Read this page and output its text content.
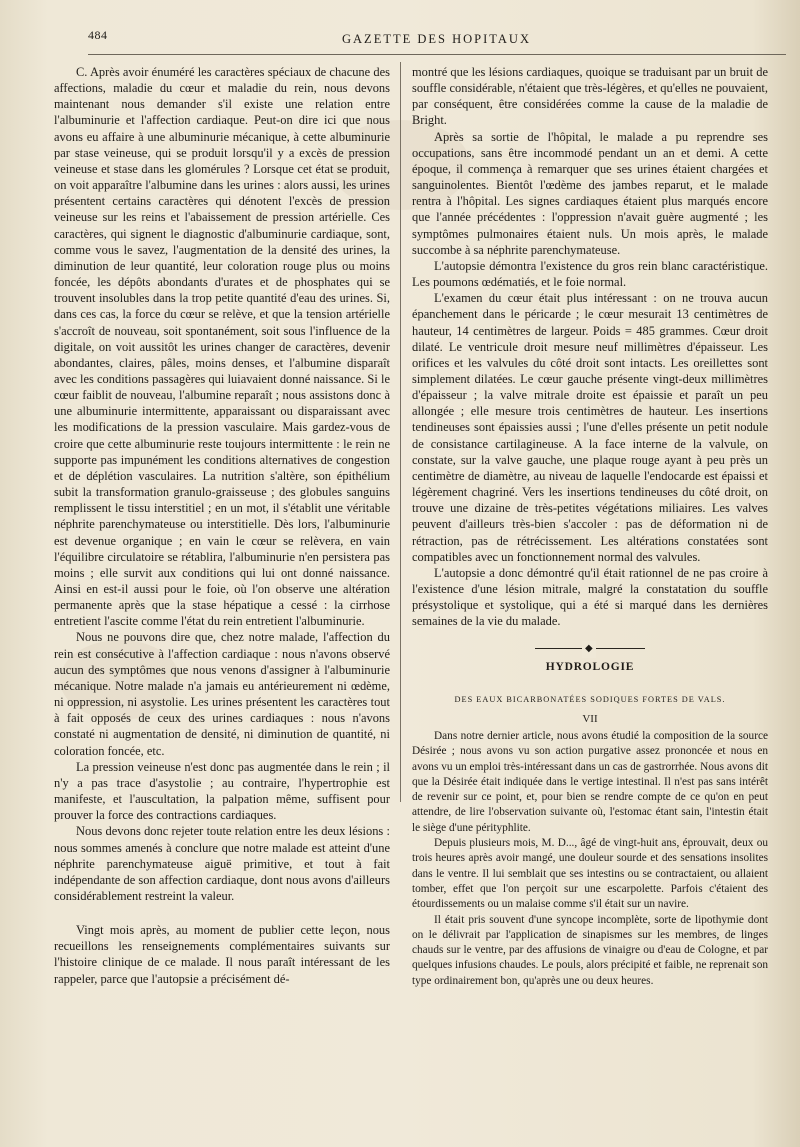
484	GAZETTE DES HOPITAUX

C. Après avoir énuméré les caractères spéciaux de chacune des affections, maladie du cœur et maladie du rein, nous devons maintenant nous demander s'il existe une relation entre l'albuminurie et l'affection cardiaque. Peut-on dire ici que nous avons eu affaire à une albuminurie mécanique, à cette albuminurie par stase veineuse, qui se produit lorsqu'il y a excès de pression veineuse et stase dans les glomérules ? Lorsque cet état se produit, on voit apparaître l'albumine dans les urines : alors aussi, les urines présentent certains caractères qui dénotent l'excès de pression veineuse sur les reins et l'abaissement de pression artérielle. Ces caractères, qui signent le diagnostic d'albuminurie cardiaque, sont, comme vous le savez, l'augmentation de la densité des urines, la diminution de leur quantité, leur coloration rouge plus ou moins foncée, les dépôts abondants d'urates et de phosphates qui se trouvent insolubles dans la trop petite quantité d'eau des urines. Si, dans ces cas, la force du cœur se relève, et que la tension artérielle s'accroît de nouveau, soit spontanément, soit sous l'influence de la digitale, on voit aussitôt les urines changer de caractères, devenir abondantes, claires, pâles, moins denses, et l'albumine disparaît avec les conditions passagères qui luiavaient donné naissance. Si le cœur faiblit de nouveau, l'albumine reparaît ; nous assistons donc à une albuminurie intermittente, apparaissant ou disparaissant avec les modifications de la pression vasculaire. Mais gardez-vous de croire que cette albuminurie reste toujours intermittente : le rein ne supporte pas impunément les conditions alternatives de congestion et de déplétion vasculaires. La nutrition s'altère, son épithélium subit la transformation granulo-graisseuse ; des globules sanguins remplissent le tissu interstitiel ; en un mot, il s'établit une véritable néphrite parenchymateuse ou interstitielle. Dès lors, l'albuminurie est devenue organique ; en vain le cœur se relèvera, en vain l'équilibre circulatoire se rétablira, l'albuminurie n'en persistera pas moins ; elle survit aux conditions qui lui ont donné naissance. Ainsi en est-il aussi pour le foie, où l'on observe une altération permanente après que la stase hépatique a cessé : la cirrhose entretient l'ascite comme l'état du rein entretient l'albuminurie.

Nous ne pouvons dire que, chez notre malade, l'affection du rein est consécutive à l'affection cardiaque : nous n'avons observé aucun des symptômes que nous venons d'assigner à l'albuminurie mécanique. Notre malade n'a jamais eu antérieurement ni œdème, ni oppression, ni asystolie. Les urines présentent les caractères tout à fait opposés de ceux des urines cardiaques : nous n'avons constaté ni augmentation de densité, ni diminution de quantité, ni coloration foncée, etc.

La pression veineuse n'est donc pas augmentée dans le rein ; il n'y a pas trace d'asystolie ; au contraire, l'hypertrophie est manifeste, et l'auscultation, la palpation même, suffisent pour prouver la force des contractions cardiaques.

Nous devons donc rejeter toute relation entre les deux lésions : nous sommes amenés à conclure que notre malade est atteint d'une néphrite parenchymateuse aiguë primitive, et tout à fait indépendante de son affection cardiaque, dont nous avons d'ailleurs considérablement restreint la valeur.

Vingt mois après, au moment de publier cette leçon, nous recueillons les renseignements complémentaires suivants sur l'histoire clinique de ce malade. Il nous paraît intéressant de les rappeler, parce que l'autopsie a précisément dé-

montré que les lésions cardiaques, quoique se traduisant par un bruit de souffle considérable, n'étaient que très-légères, et qu'elles ne pouvaient, par conséquent, être considérées comme la cause de la maladie de Bright.

Après sa sortie de l'hôpital, le malade a pu reprendre ses occupations, sans être incommodé pendant un an et demi. A cette époque, il commença à remarquer que ses urines étaient chargées et sanguinolentes. Bientôt l'œdème des jambes reparut, et le malade rentra à l'hôpital. Les signes cardiaques étaient plus marqués encore que l'année précédentes : l'oppression n'avait guère augmenté ; les symptômes pulmonaires étaient nuls. Un mois après, le malade succombe à sa néphrite parenchymateuse.

L'autopsie démontra l'existence du gros rein blanc caractéristique. Les poumons œdématiés, et le foie normal.

L'examen du cœur était plus intéressant : on ne trouva aucun épanchement dans le péricarde ; le cœur mesurait 13 centimètres de hauteur, 14 centimètres de largeur. Poids = 485 grammes. Cœur droit dilaté. Le ventricule droit mesure neuf millimètres d'épaisseur. Les orifices et les valvules du côté droit sont intacts. Les oreillettes sont simplement dilatées. Le cœur gauche présente vingt-deux millimètres d'épaisseur ; la valve mitrale droite est épaissie et paraît un peu allongée ; elle mesure trois centimètres de hauteur. Les insertions tendineuses sont épaissies aussi ; l'une d'elles présente un petit nodule de consistance cartilagineuse. A la face interne de la valvule, on constate, sur la valve gauche, une plaque rouge ayant à peu près un centimètre de diamètre, au niveau de laquelle l'endocarde est épaissi et légèrement chagriné. Vers les insertions tendineuses du côté droit, on trouve une dizaine de très-petites végétations miliaires. Les valves peuvent d'ailleurs très-bien s'accoler : pas de déformation ni de rétraction, pas de rétrécissement. Les altérations constatées sont compatibles avec un fonctionnement normal des valvules.

L'autopsie a donc démontré qu'il était rationnel de ne pas croire à l'existence d'une lésion mitrale, malgré la constatation du souffle présystolique et systolique, qui a été si marqué dans les dernières semaines de la vie du malade.

◆
HYDROLOGIE
DES EAUX BICARBONATÉES SODIQUES FORTES DE VALS.
VII

Dans notre dernier article, nous avons étudié la composition de la source Désirée ; nous avons vu son action purgative assez prononcée et nous en avons vu un emploi très-intéressant dans un cas de gastrorrhée. Nous avons dit que la Désirée était indiquée dans le vertige intestinal. Il n'est pas sans intérêt de revenir sur ce point, et, pour bien se rendre compte de ce qu'on en peut attendre, de lire l'observation suivante où, l'estomac étant sain, l'intestin était le siège d'une pérityphlite.

Depuis plusieurs mois, M. D..., âgé de vingt-huit ans, éprouvait, deux ou trois heures après avoir mangé, une douleur sourde et des sensations insolites dans le ventre. Il lui semblait que ses intestins ou se contractaient, ou allaient tomber, effet que l'on perçoit sur une escarpolette. Parfois c'étaient des étourdissements ou un malaise comme s'il était sur un navire.

Il était pris souvent d'une syncope incomplète, sorte de lipothymie dont on le délivrait par l'application de sinapismes sur les membres, de linges chauds sur le ventre, par des affusions de vinaigre ou d'eau de Cologne, et par quelques infusions chaudes. Le pouls, alors précipité et faible, ne reprenait son type ordinairement bon, qu'après une ou deux heures.
